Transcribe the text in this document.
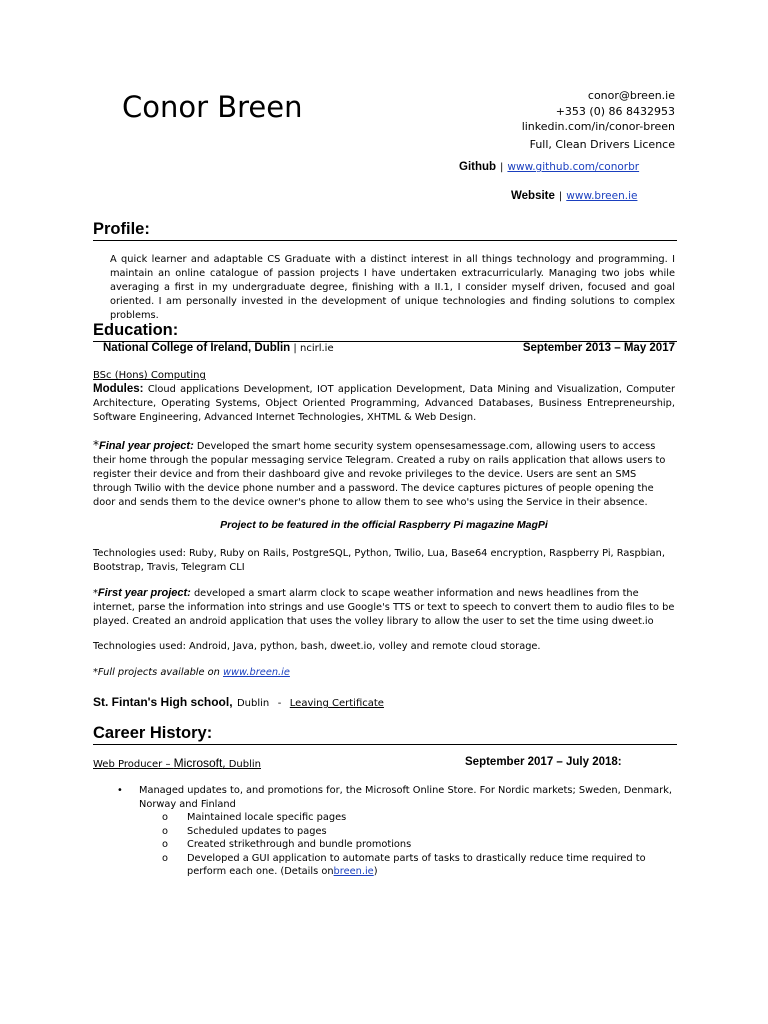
Conor Breen	conor@breen.ie
+353 (0) 86 8432953
linkedin.com/in/conor-breen
Full, Clean Drivers Licence
Github | www.github.com/conorbr
Website | www.breen.ie
Profile:
A quick learner and adaptable CS Graduate with a distinct interest in all things technology and programming. I maintain an online catalogue of passion projects I have undertaken extracurricularly. Managing two jobs while averaging a first in my undergraduate degree, finishing with a II.1, I consider myself driven, focused and goal oriented. I am personally invested in the development of unique technologies and finding solutions to complex problems.
Education:
National College of Ireland, Dublin | ncirl.ie	September 2013 – May 2017
BSc (Hons) Computing
Modules: Cloud applications Development, IOT application Development, Data Mining and Visualization, Computer Architecture, Operating Systems, Object Oriented Programming, Advanced Databases, Business Entrepreneurship, Software Engineering, Advanced Internet Technologies, XHTML & Web Design.
*Final year project: Developed the smart home security system opensesamessage.com, allowing users to access their home through the popular messaging service Telegram. Created a ruby on rails application that allows users to register their device and from their dashboard give and revoke privileges to the device. Users are sent an SMS through Twilio with the device phone number and a password. The device captures pictures of people opening the door and sends them to the device owner's phone to allow them to see who's using the Service in their absence.
Project to be featured in the official Raspberry Pi magazine MagPi
Technologies used: Ruby, Ruby on Rails, PostgreSQL, Python, Twilio, Lua, Base64 encryption, Raspberry Pi, Raspbian, Bootstrap, Travis, Telegram CLI
*First year project: developed a smart alarm clock to scape weather information and news headlines from the internet, parse the information into strings and use Google's TTS or text to speech to convert them to audio files to be played. Created an android application that uses the volley library to allow the user to set the time using dweet.io
Technologies used: Android, Java, python, bash, dweet.io, volley and remote cloud storage.
*Full projects available on www.breen.ie
St. Fintan's High school, Dublin - Leaving Certificate
Career History:
Web Producer – Microsoft, Dublin	September 2017 – July 2018:
• Managed updates to, and promotions for, the Microsoft Online Store. For Nordic markets; Sweden, Denmark, Norway and Finland
o Maintained locale specific pages
o Scheduled updates to pages
o Created strikethrough and bundle promotions
o Developed a GUI application to automate parts of tasks to drastically reduce time required to perform each one. (Details onbreen.ie)
